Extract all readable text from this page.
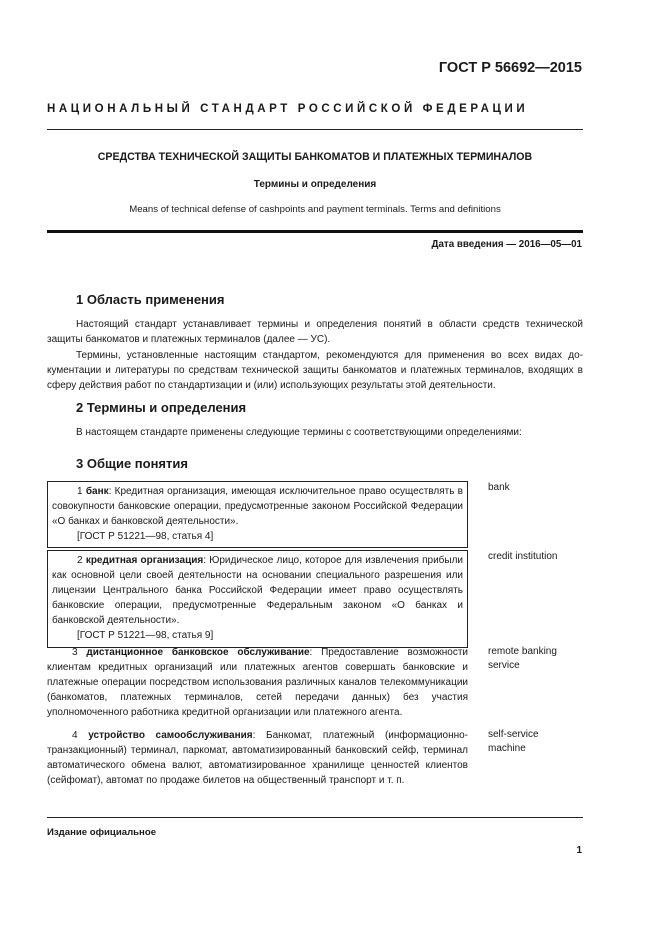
ГОСТ Р 56692—2015
НАЦИОНАЛЬНЫЙ СТАНДАРТ РОССИЙСКОЙ ФЕДЕРАЦИИ
СРЕДСТВА ТЕХНИЧЕСКОЙ ЗАЩИТЫ БАНКОМАТОВ И ПЛАТЕЖНЫХ ТЕРМИНАЛОВ
Термины и определения
Means of technical defense of cashpoints and payment terminals. Terms and definitions
Дата введения — 2016—05—01
1 Область применения

Настоящий стандарт устанавливает термины и определения понятий в области средств технической защиты банкоматов и платежных терминалов (далее — УС).

Термины, установленные настоящим стандартом, рекомендуются для применения во всех видах документации и литературы по средствам технической защиты банкоматов и платежных терминалов, входящих в сферу действия работ по стандартизации и (или) использующих результаты этой деятельности.

2 Термины и определения

В настоящем стандарте применены следующие термины с соответствующими определениями:

3 Общие понятия

1 банк: Кредитная организация, имеющая исключительное право осуществлять в совокупности банковские операции, предусмотренные законом Российской Федерации «О банках и банковской деятельности».

[ГОСТ Р 51221—98, статья 4]

bank

2 кредитная организация: Юридическое лицо, которое для извлечения прибыли как основной цели своей деятельности на основании специального разрешения или лицензии Центрального банка Российской Федерации имеет право осуществлять банковские операции, предусмотренные Федеральным законом «О банках и банковской деятельности».

[ГОСТ Р 51221—98, статья 9]

credit institution

3 дистанционное банковское обслуживание: Предоставление возможности клиентам кредитных организаций или платежных агентов совершать банковские и платежные операции посредством использования различных каналов телекоммуникации (банкоматов, платежных терминалов, сетей передачи данных) без участия уполномоченного работника кредитной организации или платежного агента.

remote banking
service

4 устройство самообслуживания: Банкомат, платежный (информационно-транзакционный) терминал, паркомат, автоматизированный банковский сейф, терминал автоматического обмена валют, автоматизированное хранилище ценностей клиентов (сейфомат), автомат по продаже билетов на общественный транспорт и т. п.

self-service
machine
Издание официальное
1
